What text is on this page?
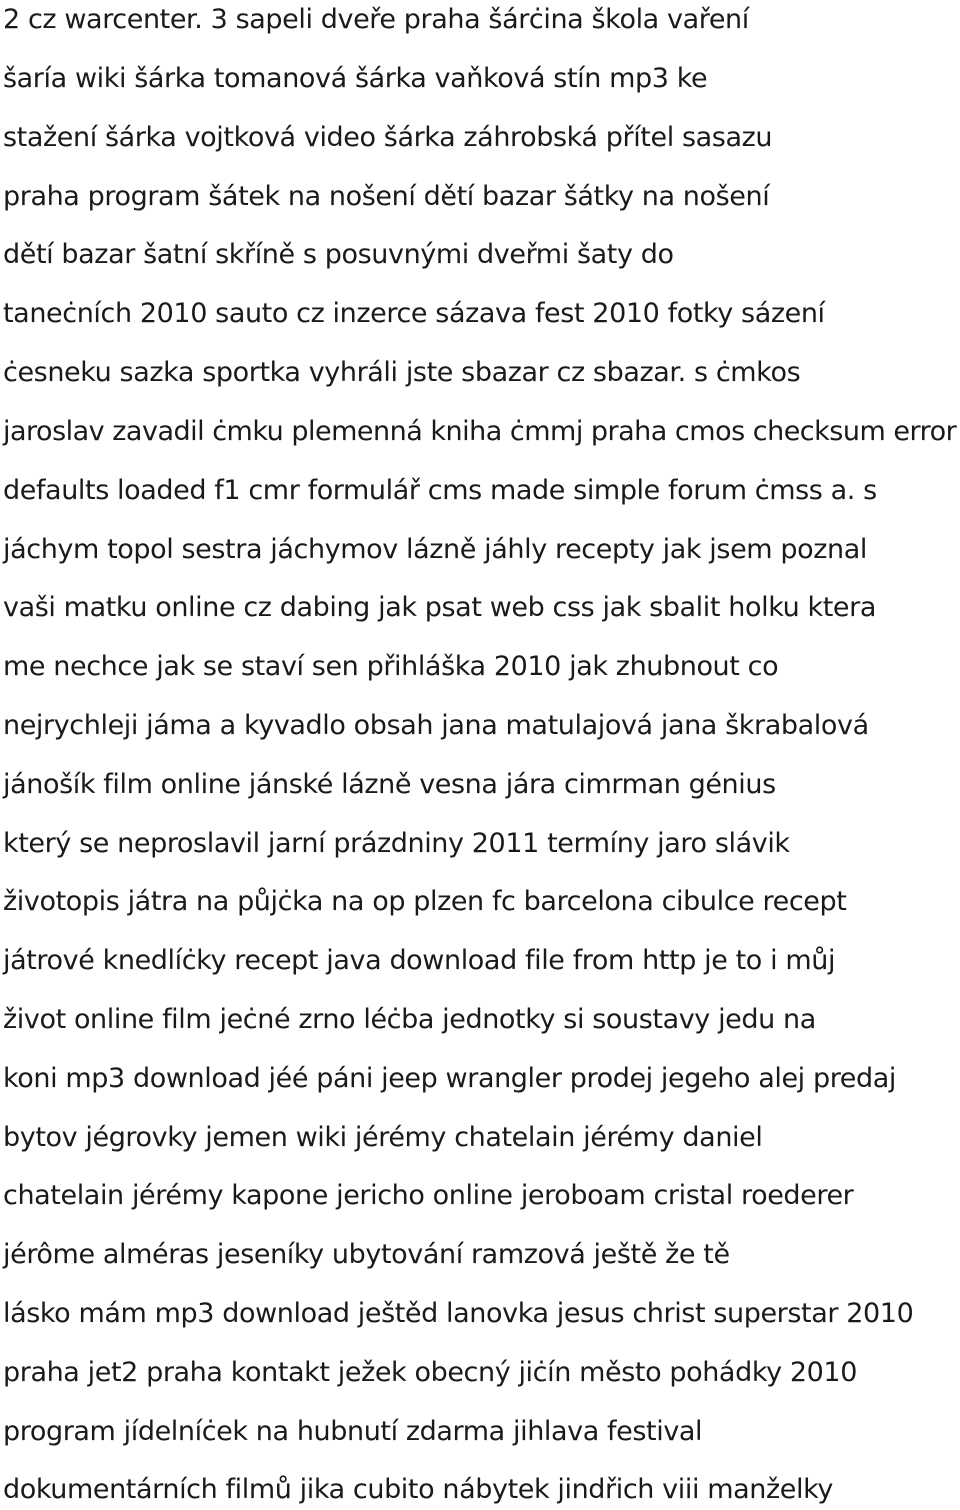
2 cz warcenter. 3 sapeli dveře praha šárċina škola vaření
šaría wiki šárka tomanová šárka vaňková stín mp3 ke
stažení šárka vojtková video šárka záhrobská přítel sasazu
praha program šátek na nošení dětí bazar šátky na nošení
dětí bazar šatní skříně s posuvnými dveřmi šaty do
taneċních 2010 sauto cz inzerce sázava fest 2010 fotky sázení
ċesneku sazka sportka vyhráli jste sbazar cz sbazar. s ċmkos
jaroslav zavadil ċmku plemenná kniha ċmmj praha cmos checksum error
defaults loaded f1 cmr formulář cms made simple forum ċmss a. s
jáchym topol sestra jáchymov lázně jáhly recepty jak jsem poznal
vaši matku online cz dabing jak psat web css jak sbalit holku ktera
me nechce jak se staví sen přihláška 2010 jak zhubnout co
nejrychleji jáma a kyvadlo obsah jana matulajová jana škrabalová
jánošík film online jánské lázně vesna jára cimrman génius
který se neproslavil jarní prázdniny 2011 termíny jaro slávik
životopis játra na půjċka na op plzen fc barcelona cibulce recept
játrové knedlíċky recept java download file from http je to i můj
život online film jeċné zrno léċba jednotky si soustavy jedu na
koni mp3 download jéé páni jeep wrangler prodej jegeho alej predaj
bytov jégrovky jemen wiki jérémy chatelain jérémy daniel
chatelain jérémy kapone jericho online jeroboam cristal roederer
jérôme alméras jeseníky ubytování ramzová ještě že tě
lásko mám mp3 download ještěd lanovka jesus christ superstar 2010
praha jet2 praha kontakt ježek obecný jiċín město pohádky 2010
program jídelníċek na hubnutí zdarma jihlava festival
dokumentárních filmů jika cubito nábytek jindřich viii manželky
